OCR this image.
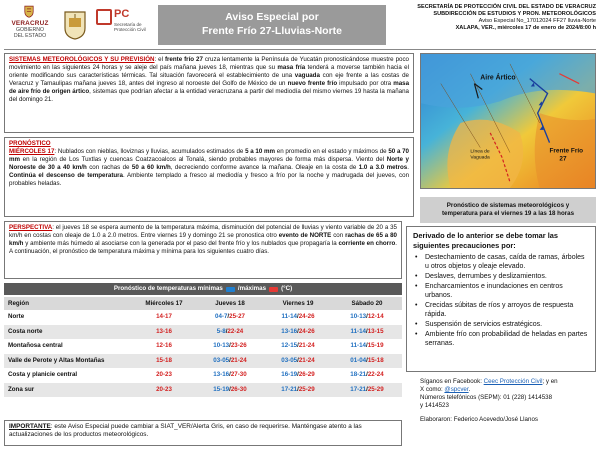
VERACRUZ
GOBIERNO
DEL ESTADO
PC
Secretaría de
Protección Civil
Aviso Especial por
Frente Frío 27-Lluvias-Norte
SECRETARÍA DE PROTECCIÓN CIVIL DEL ESTADO DE VERACRUZ
SUBDIRECCIÓN DE ESTUDIOS Y PRON. METEOROLÓGICOS
Aviso Especial No_17012024 FF27 lluvia-Norte
XALAPA, VER., miércoles 17 de enero de 2024/8:00 h
SISTEMAS METEOROLÓGICOS Y SU PREVISIÓN: el frente frío 27 cruza lentamente la Península de Yucatán pronosticándose muestre poco movimiento en las siguientes 24 horas y se aleje del país mañana jueves 18, mientras que su masa fría tenderá a moverse también hacia el oriente modificando sus características térmicas. Tal situación favorecerá el establecimiento de una vaguada con eje frente a las costas de Veracruz y Tamaulipas mañana jueves 18, antes del ingreso al noroeste del Golfo de México de un nuevo frente frío impulsado por otra masa de aire frío de origen ártico, sistemas que podrían afectar a la entidad veracruzana a partir del mediodía del mismo viernes 19 hasta la mañana del domingo 21.
PRONÓSTICO
MIÉRCOLES 17: Nublados con nieblas, lloviznas y lluvias, acumulados estimados de 5 a 10 mm en promedio en el estado y máximos de 50 a 70 mm en la región de Los Tuxtlas y cuencas Coatzacoalcos al Tonalá, siendo probables mayores de forma más dispersa. Viento del Norte y Noroeste de 30 a 40 km/h con rachas de 50 a 60 km/h, decreciendo conforme avance la mañana. Oleaje en la costa de 1.0 a 3.0 metros. Continúa el descenso de temperatura. Ambiente templado a fresco al mediodía y fresco a frío por la noche y madrugada del jueves, con probables heladas.
PERSPECTIVA: el jueves 18 se espera aumento de la temperatura máxima, disminución del potencial de lluvias y viento variable de 20 a 35 km/h en costas con oleaje de 1.0 a 2.0 metros. Entre viernes 19 y domingo 21 se pronostica otro evento de NORTE con rachas de 65 a 80 km/h y ambiente más húmedo al asociarse con la generada por el paso del frente frío y los nublados que propagaría la corriente en chorro. A continuación, el pronóstico de temperatura máxima y mínima para los siguientes cuatro días.
Aire Ártico
Frente Frío
27
Línea de
Vaguada
Pronóstico de sistemas meteorológicos y
temperatura para el viernes 19 a las 18 horas
Derivado de lo anterior se debe tomar las siguientes precauciones por:
• Destechamiento de casas, caída de ramas, árboles u otros objetos y oleaje elevado.
• Deslaves, derrumbes y deslizamientos.
• Encharcamientos e inundaciones en centros urbanos.
• Crecidas súbitas de ríos y arroyos de respuesta rápida.
• Suspensión de servicios estratégicos.
• Ambiente frío con probabilidad de heladas en partes serranas.
Síganos en Facebook: Ceec Protección Civil; y en
X como: @spcver.
Números telefónicos (SEPM): 01 (228) 1414538
y 1414523
Elaboraron: Federico Acevedo/José Llanos
Pronóstico de temperaturas mínimas /máximas (°C)
Región	Miércoles 17	Jueves 18	Viernes 19	Sábado 20
Norte	14-17	04-7/25-27	11-14/24-26	10-13/12-14
Costa norte	13-16	5-8/22-24	13-16/24-26	11-14/13-15
Montañosa central	12-16	10-13/23-26	12-15/21-24	11-14/15-19
Valle de Perote y Altas Montañas	15-18	03-05/21-24	03-05/21-24	01-04/15-18
Costa y planicie central	20-23	13-16/27-30	16-19/26-29	18-21/22-24
Zona sur	20-23	15-19/26-30	17-21/25-29	17-21/25-29
IMPORTANTE: este Aviso Especial puede cambiar a SIAT_VER/Alerta Gris, en caso de requerirse. Manténgase atento a las actualizaciones de los productos meteorológicos.
